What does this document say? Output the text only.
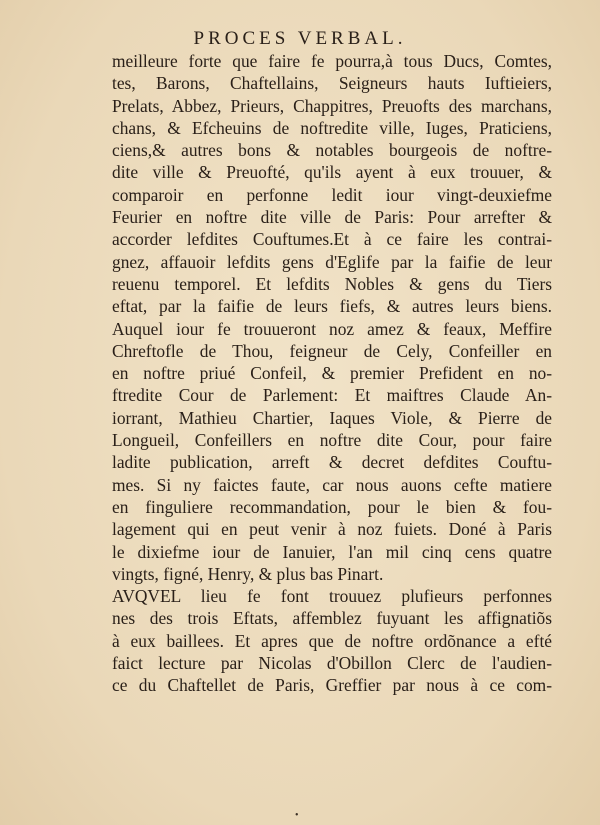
PROCES VERBAL.
meilleure forte que faire fe pourra,à tous Ducs, Comtes,
tes, Barons, Chaftellains, Seigneurs hauts Iuftieiers,
Prelats, Abbez, Prieurs, Chappitres, Preuofts des marchans,
chans, & Efcheuins de noftredite ville, Iuges, Praticiens,
ciens,& autres bons & notables bourgeois de noftre-
dite ville & Preuofté, qu'ils ayent à eux trouuer, &
comparoir en perfonne ledit iour vingt-deuxiefme
Feurier en noftre dite ville de Paris: Pour arrefter &
accorder lefdites Couftumes.Et à ce faire les contrai-
gnez, affauoir lefdits gens d'Eglife par la faifie de leur
reuenu temporel. Et lefdits Nobles & gens du Tiers
eftat, par la faifie de leurs fiefs, & autres leurs biens.
Auquel iour fe trouueront noz amez & feaux, Meffire
Chreftofle de Thou, feigneur de Cely, Confeiller en
en noftre priué Confeil, & premier Prefident en no-
ftredite Cour de Parlement: Et maiftres Claude An-
iorrant, Mathieu Chartier, Iaques Viole, & Pierre de
Longueil, Confeillers en noftre dite Cour, pour faire
ladite publication, arreft & decret defdites Couftu-
mes. Si ny faictes faute, car nous auons cefte matiere
en finguliere recommandation, pour le bien & fou-
lagement qui en peut venir à noz fuiets. Doné à Paris
le dixiefme iour de Ianuier, l'an mil cinq cens quatre
vingts, figné, Henry, & plus bas Pinart.
AVQVEL lieu fe font trouuez plufieurs perfonnes
nes des trois Eftats, affemblez fuyuant les affignatiõs
à eux baillees. Et apres que de noftre ordõnance a efté
faict lecture par Nicolas d'Obillon Clerc de l'audien-
ce du Chaftellet de Paris, Greffier par nous à ce com-
•
